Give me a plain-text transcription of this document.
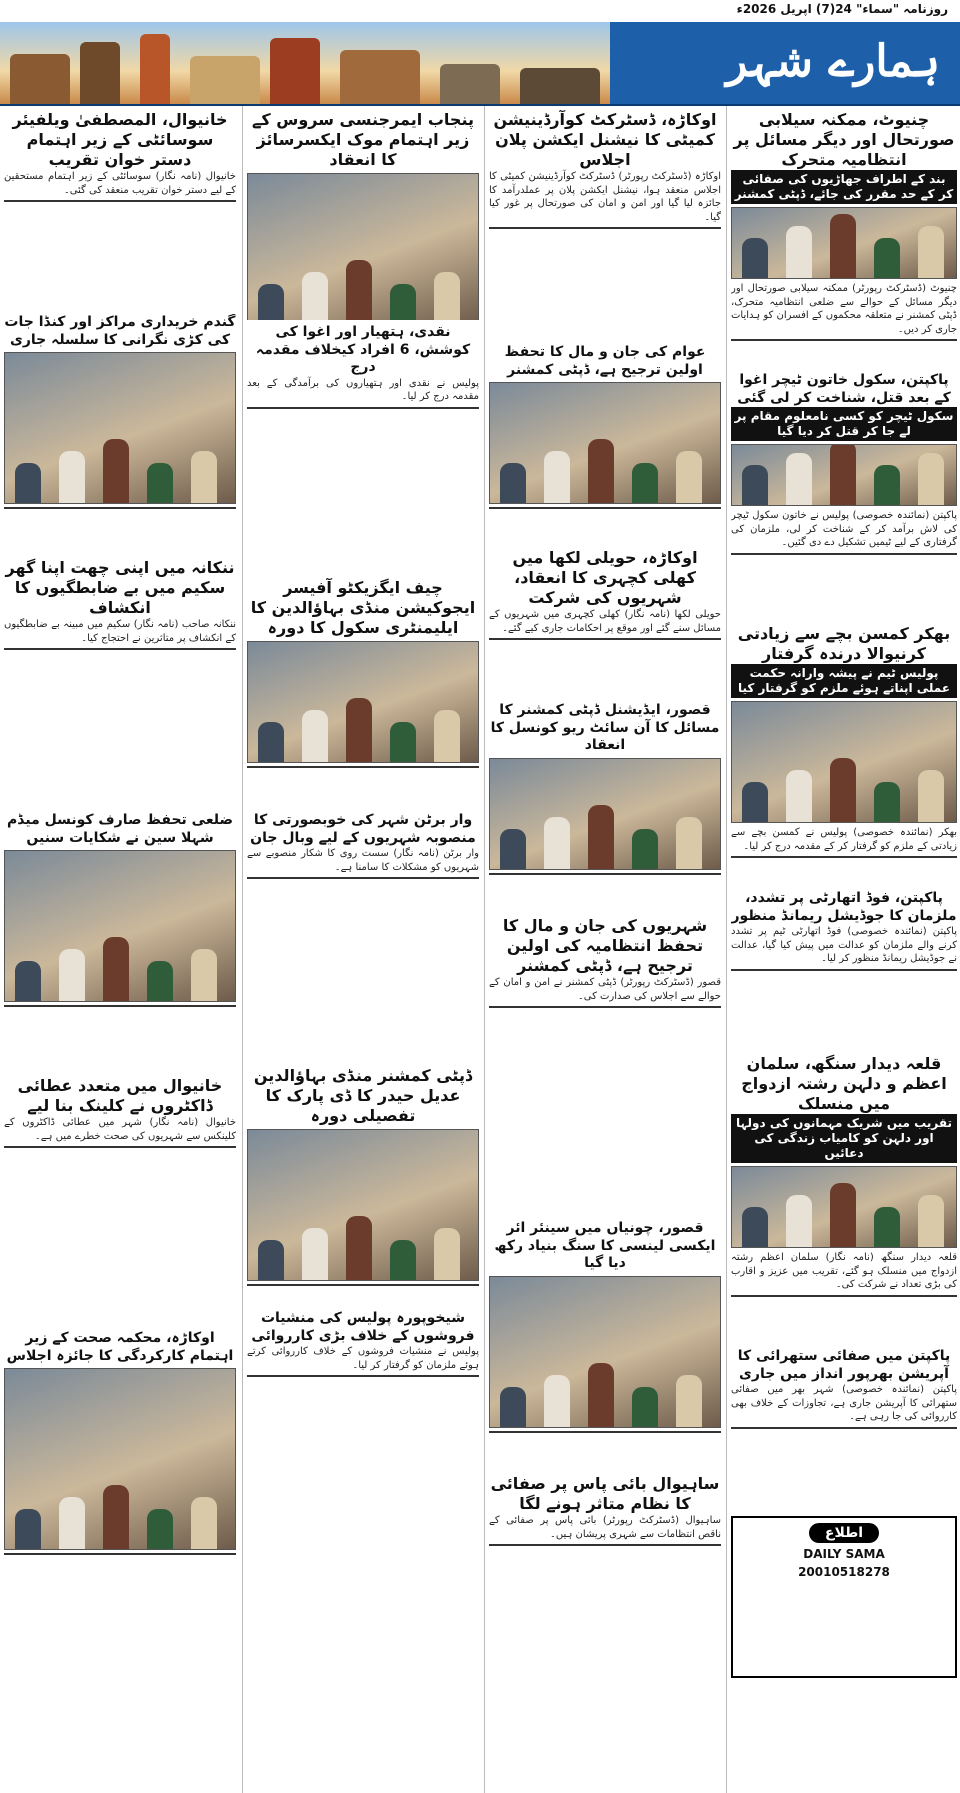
روزنامہ "سماء" 24(7) اپریل 2026ء
ہمارے شہر
چنیوٹ، ممکنہ سیلابی صورتحال اور دیگر مسائل پر انتظامیہ متحرک
بند کے اطراف جھاڑیوں کی صفائی کر کے حد مقرر کی جائے، ڈپٹی کمشنر
چنیوٹ (ڈسٹرکٹ رپورٹر) ممکنہ سیلابی صورتحال اور دیگر مسائل کے حوالے سے ضلعی انتظامیہ متحرک، ڈپٹی کمشنر نے متعلقہ محکموں کے افسران کو ہدایات جاری کر دیں۔
پاکپتن، سکول خاتون ٹیچر اغوا کے بعد قتل، شناخت کر لی گئی
سکول ٹیچر کو کسی نامعلوم مقام پر لے جا کر قتل کر دیا گیا
پاکپتن (نمائندہ خصوصی) پولیس نے خاتون سکول ٹیچر کی لاش برآمد کر کے شناخت کر لی، ملزمان کی گرفتاری کے لیے ٹیمیں تشکیل دے دی گئیں۔
بھکر کمسن بچے سے زیادتی کرنیوالا درندہ گرفتار
پولیس ٹیم نے پیشہ وارانہ حکمت عملی اپناتے ہوئے ملزم کو گرفتار کیا
بھکر (نمائندہ خصوصی) پولیس نے کمسن بچے سے زیادتی کے ملزم کو گرفتار کر کے مقدمہ درج کر لیا۔
پاکپتن، فوڈ اتھارٹی پر تشدد، ملزمان کا جوڈیشل ریمانڈ منظور
پاکپتن (نمائندہ خصوصی) فوڈ اتھارٹی ٹیم پر تشدد کرنے والے ملزمان کو عدالت میں پیش کیا گیا، عدالت نے جوڈیشل ریمانڈ منظور کر لیا۔
قلعہ دیدار سنگھ، سلمان اعظم و دلہن رشتہ ازدواج میں منسلک
تقریب میں شریک مہمانوں کی دولہا اور دلہن کو کامیاب زندگی کی دعائیں
قلعہ دیدار سنگھ (نامہ نگار) سلمان اعظم رشتہ ازدواج میں منسلک ہو گئے، تقریب میں عزیز و اقارب کی بڑی تعداد نے شرکت کی۔
پاکپتن میں صفائی ستھرائی کا آپریشن بھرپور انداز میں جاری
پاکپتن (نمائندہ خصوصی) شہر بھر میں صفائی ستھرائی کا آپریشن جاری ہے، تجاوزات کے خلاف بھی کارروائی کی جا رہی ہے۔
اطلاع
DAILY SAMA
20010518278
اوکاڑہ، ڈسٹرکٹ کوآرڈینیشن کمیٹی کا نیشنل ایکشن پلان اجلاس
اوکاڑہ (ڈسٹرکٹ رپورٹر) ڈسٹرکٹ کوآرڈینیشن کمیٹی کا اجلاس منعقد ہوا، نیشنل ایکشن پلان پر عملدرآمد کا جائزہ لیا گیا اور امن و امان کی صورتحال پر غور کیا گیا۔
عوام کی جان و مال کا تحفظ اولین ترجیح ہے، ڈپٹی کمشنر
اوکاڑہ، حویلی لکھا میں کھلی کچہری کا انعقاد، شہریوں کی شرکت
حویلی لکھا (نامہ نگار) کھلی کچہری میں شہریوں کے مسائل سنے گئے اور موقع پر احکامات جاری کیے گئے۔
قصور، ایڈیشنل ڈپٹی کمشنر کا مسائل کا آن سائٹ ریو کونسل کا انعقاد
شہریوں کی جان و مال کا تحفظ انتظامیہ کی اولین ترجیح ہے، ڈپٹی کمشنر
قصور (ڈسٹرکٹ رپورٹر) ڈپٹی کمشنر نے امن و امان کے حوالے سے اجلاس کی صدارت کی۔
قصور، چونیاں میں سینئر ائر ایکسی لینسی کا سنگ بنیاد رکھ دیا گیا
ساہیوال بائی پاس پر صفائی کا نظام متاثر ہونے لگا
ساہیوال (ڈسٹرکٹ رپورٹر) بائی پاس پر صفائی کے ناقص انتظامات سے شہری پریشان ہیں۔
پنجاب ایمرجنسی سروس کے زیر اہتمام موک ایکسرسائز کا انعقاد
نقدی، ہتھیار اور اغوا کی کوشش، 6 افراد کیخلاف مقدمہ درج
پولیس نے نقدی اور ہتھیاروں کی برآمدگی کے بعد مقدمہ درج کر لیا۔
چیف ایگزیکٹو آفیسر ایجوکیشن منڈی بہاؤالدین کا ایلیمنٹری سکول کا دورہ
وار برٹن شہر کی خوبصورتی کا منصوبہ شہریوں کے لیے وبال جان
وار برٹن (نامہ نگار) سست روی کا شکار منصوبے سے شہریوں کو مشکلات کا سامنا ہے۔
ڈپٹی کمشنر منڈی بہاؤالدین عدیل حیدر کا ڈی پارک کا تفصیلی دورہ
شیخوپورہ پولیس کی منشیات فروشوں کے خلاف بڑی کارروائی
پولیس نے منشیات فروشوں کے خلاف کارروائی کرتے ہوئے ملزمان کو گرفتار کر لیا۔
خانیوال، المصطفیٰ ویلفیئر سوسائٹی کے زیر اہتمام دستر خوان تقریب
خانیوال (نامہ نگار) سوسائٹی کے زیر اہتمام مستحقین کے لیے دستر خوان تقریب منعقد کی گئی۔
گندم خریداری مراکز اور کنڈا جات کی کڑی نگرانی کا سلسلہ جاری
ننکانہ میں اپنی چھت اپنا گھر سکیم میں بے ضابطگیوں کا انکشاف
ننکانہ صاحب (نامہ نگار) سکیم میں مبینہ بے ضابطگیوں کے انکشاف پر متاثرین نے احتجاج کیا۔
ضلعی تحفظ صارف کونسل میڈم شہلا سین نے شکایات سنیں
خانیوال میں متعدد عطائی ڈاکٹروں نے کلینک بنا لیے
خانیوال (نامہ نگار) شہر میں عطائی ڈاکٹروں کے کلینکس سے شہریوں کی صحت خطرے میں ہے۔
اوکاڑہ، محکمہ صحت کے زیر اہتمام کارکردگی کا جائزہ اجلاس
